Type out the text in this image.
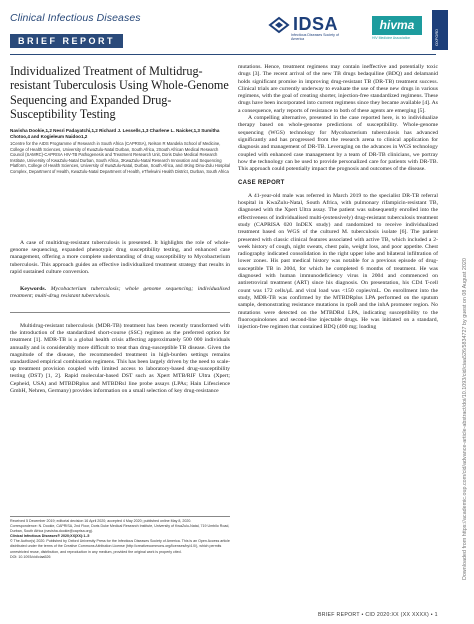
Clinical Infectious Diseases
BRIEF REPORT
IDSA
Infectious Diseases Society of America
hivma
HIV Medicine Association	OXFORD
Individualized Treatment of Multidrug-resistant Tuberculosis Using Whole-Genome Sequencing and Expanded Drug-Susceptibility Testing
Navisha Dookie,1,2 Nesri Padayatchi,1,2 Richard J. Lessells,1,3 Charlene L. Naicker,1,3 Sumitha Chotoo,4 and Kogieleum Naidoo1,2
1Centre for the AIDS Programme of Research in South Africa (CAPRISA), Nelson R Mandela School of Medicine, College of Health Sciences, University of KwaZulu-Natal Durban, South Africa, 2South African Medical Research Council (SAMRC)-CAPRISA HIV-TB Pathogenesis and Treatment Research Unit, Doris Duke Medical Research Institute, University of KwaZulu-Natal Durban, South Africa, 3KwaZulu-Natal Research Innovation and Sequencing Platform, College of Health Sciences, University of KwaZulu-Natal, Durban, South Africa, and 4King Dinu-Zulu Hospital Complex, Department of Health, KwaZulu-Natal Department of Health, eThekwini Health District, Durban, South Africa
A case of multidrug-resistant tuberculosis is presented. It highlights the role of whole-genome sequencing, expanded phenotypic drug susceptibility testing, and enhanced case management, offering a more complete understanding of drug susceptibility to Mycobacterium tuberculosis. This approach guides an effective individualized treatment strategy that results in rapid sustained culture conversion.
Keywords. Mycobacterium tuberculosis; whole genome sequencing; individualised treatment; multi-drug resistant tuberculosis.
Multidrug-resistant tuberculosis (MDR-TB) treatment has been recently transformed with the introduction of the standardized short-course (SSC) regimen as the preferred option for treatment [1]. MDR-TB is a global health crisis affecting approximately 500 000 individuals annually and is considerably more difficult to treat than drug-susceptible TB disease. Given the magnitude of the disease, the recommended treatment in high-burden settings remains standardized empirical combination regimens. This has been largely driven by the need to scale-up treatment provision coupled with limited access to laboratory-based drug-susceptibility testing (DST) [1, 2]. Rapid molecular-based DST such as Xpert MTB/RIF Ultra (Xpert; Cepheid, USA) and MTBDRplus and MTBDRsl line probe assays (LPAs; Hain Lifescience GmbH, Nehren, Germany) provides information on a small selection of key drug-resistance
Received 5 December 2019; editorial decision 16 April 2020; accepted 4 May 2020; published online May 8, 2020.
Correspondence: N. Dookie, CAPRISA, 2nd Floor, Doris Duke Medical Research Institute, University of KwaZulu-Natal, 719 Umbilo Road, Durban, South Africa (navisha.dookie@caprisa.org).
Clinical Infectious Diseases® 2020;XX(XX):1–5
© The Author(s) 2020. Published by Oxford University Press for the Infectious Diseases Society of America. This is an Open Access article distributed under the terms of the Creative Commons Attribution License (http://creativecommons.org/licenses/by/4.0/), which permits unrestricted reuse, distribution, and reproduction in any medium, provided the original work is properly cited.
DOI: 10.1093/cid/ciaa526

mutations. Hence, treatment regimens may contain ineffective and potentially toxic drugs [3]. The recent arrival of the new TB drugs bedaquiline (BDQ) and delamanid holds significant promise in improving drug-resistant TB (DR-TB) treatment success. Clinical trials are currently underway to evaluate the use of these new drugs in various regimens, with the goal of creating shorter, injection-free standardized regimens. These drugs have been incorporated into current regimens since they became available [4]. As a consequence, early reports of resistance to both of these agents are emerging [5].

A compelling alternative, presented in the case reported here, is to individualize therapy based on whole-genome predictions of susceptibility. Whole-genome sequencing (WGS) technology for Mycobacterium tuberculosis has advanced significantly and has progressed from the research arena to clinical application for diagnosis and management of DR-TB. Leveraging on the advances in WGS technology coupled with enhanced case management by a team of DR-TB clinicians, we portray how the technology can be used to provide personalized care for patients with DR-TB. This approach could potentially impact the prognosis and outcomes of the disease.

CASE REPORT

A 41-year-old male was referred in March 2019 to the specialist DR-TB referral hospital in KwaZulu-Natal, South Africa, with pulmonary rifampicin-resistant TB, diagnosed with the Xpert Ultra assay. The patient was subsequently enrolled into the effectiveness of individualised multi-(extensively) drug-resistant tuberculosis treatment study (CAPRISA 020 InDEX study) and randomized to receive individualized treatment based on WGS of the cultured M. tuberculosis isolate [6]. The patient presented with classic clinical features associated with active TB, which included a 2-week history of cough, night sweats, chest pain, weight loss, and poor appetite. Chest radiography indicated consolidation in the right upper lobe and bilateral infiltration of lower zones. His past medical history was notable for a previous episode of drug-susceptible TB in 2004, for which he completed 6 months of treatment. He was diagnosed with human immunodeficiency virus in 2004 and commenced on antiretroviral treatment (ART) since his diagnosis. On presentation, his CD4 T-cell count was 172 cells/μL and viral load was <150 copies/mL. On enrollment into the study, MDR-TB was confirmed by the MTBDRplus LPA performed on the sputum sample, demonstrating resistance mutations in rpoB and the inhA promoter region. No mutations were detected on the MTBDRsl LPA, indicating susceptibility to the fluoroquinolones and second-line injectable drugs. He was initiated on a standard, injection-free regimen that contained BDQ (400 mg; loading	Downloaded from https://academic.oup.com/cid/advance-article-abstract/doi/10.1093/cid/ciaa526/5834727 by guest on 08 August 2020
BRIEF REPORT • CID 2020:XX (XX XXXX) • 1
